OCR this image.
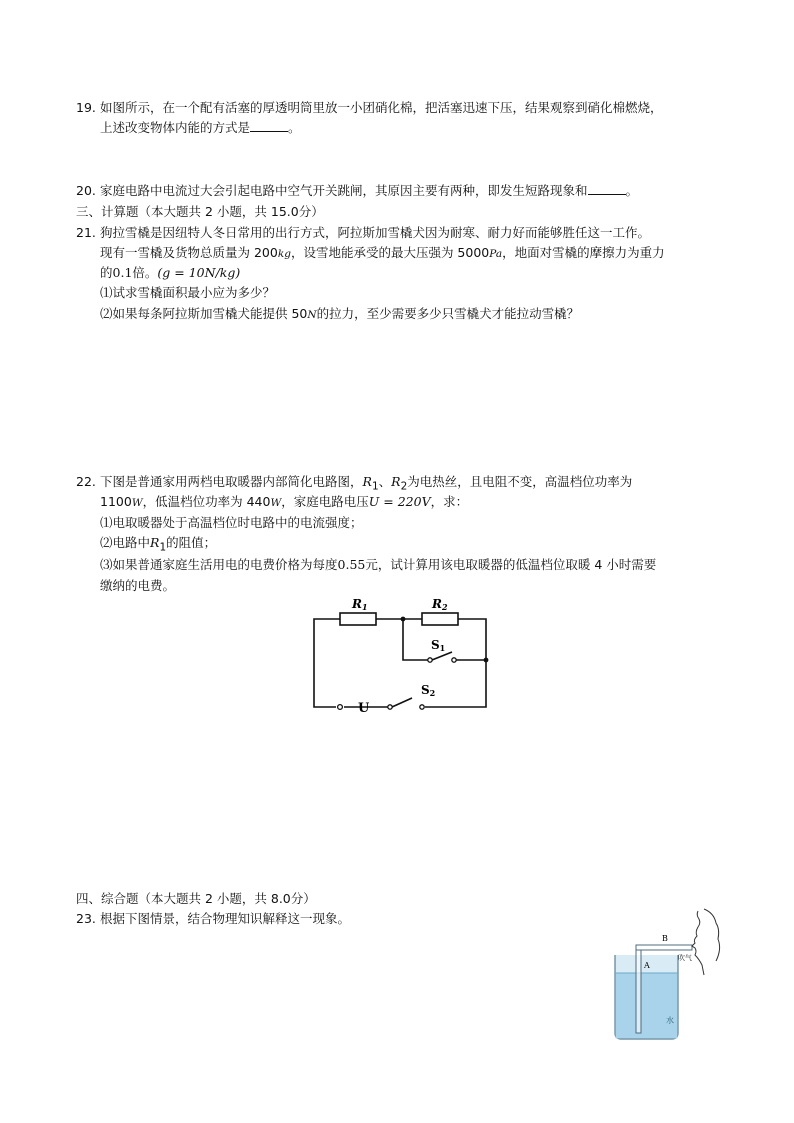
19. 如图所示，在一个配有活塞的厚透明筒里放一小团硝化棉，把活塞迅速下压，结果观察到硝化棉燃烧，
上述改变物体内能的方式是	。
20. 家庭电路中电流过大会引起电路中空气开关跳闸，其原因主要有两种，即发生短路现象和	。
三、计算题（本大题共 2 小题，共 15.0分）
21. 狗拉雪橇是因纽特人冬日常用的出行方式，阿拉斯加雪橇犬因为耐寒、耐力好而能够胜任这一工作。
现有一雪橇及货物总质量为 200kg，设雪地能承受的最大压强为 5000Pa，地面对雪橇的摩擦力为重力
的0.1倍。(g = 10N/kg)
⑴试求雪橇面积最小应为多少？
⑵如果每条阿拉斯加雪橇犬能提供 50N的拉力，至少需要多少只雪橇犬才能拉动雪橇？
22. 下图是普通家用两档电取暖器内部简化电路图，$R_1$、$R_2$为电热丝，且电阻不变，高温档位功率为
1100W，低温档位功率为 440W，家庭电路电压U = 220V，求：
⑴电取暖器处于高温档位时电路中的电流强度；
⑵电路中$R_1$的阻值；
⑶如果普通家庭生活用电的电费价格为每度0.55元，试计算用该电取暖器的低温档位取暖 4 小时需要
缴纳的电费。
R1	R2
S1
S2
U
四、综合题（本大题共 2 小题，共 8.0分）
23. 根据下图情景，结合物理知识解释这一现象。
B
A
吹气
水
